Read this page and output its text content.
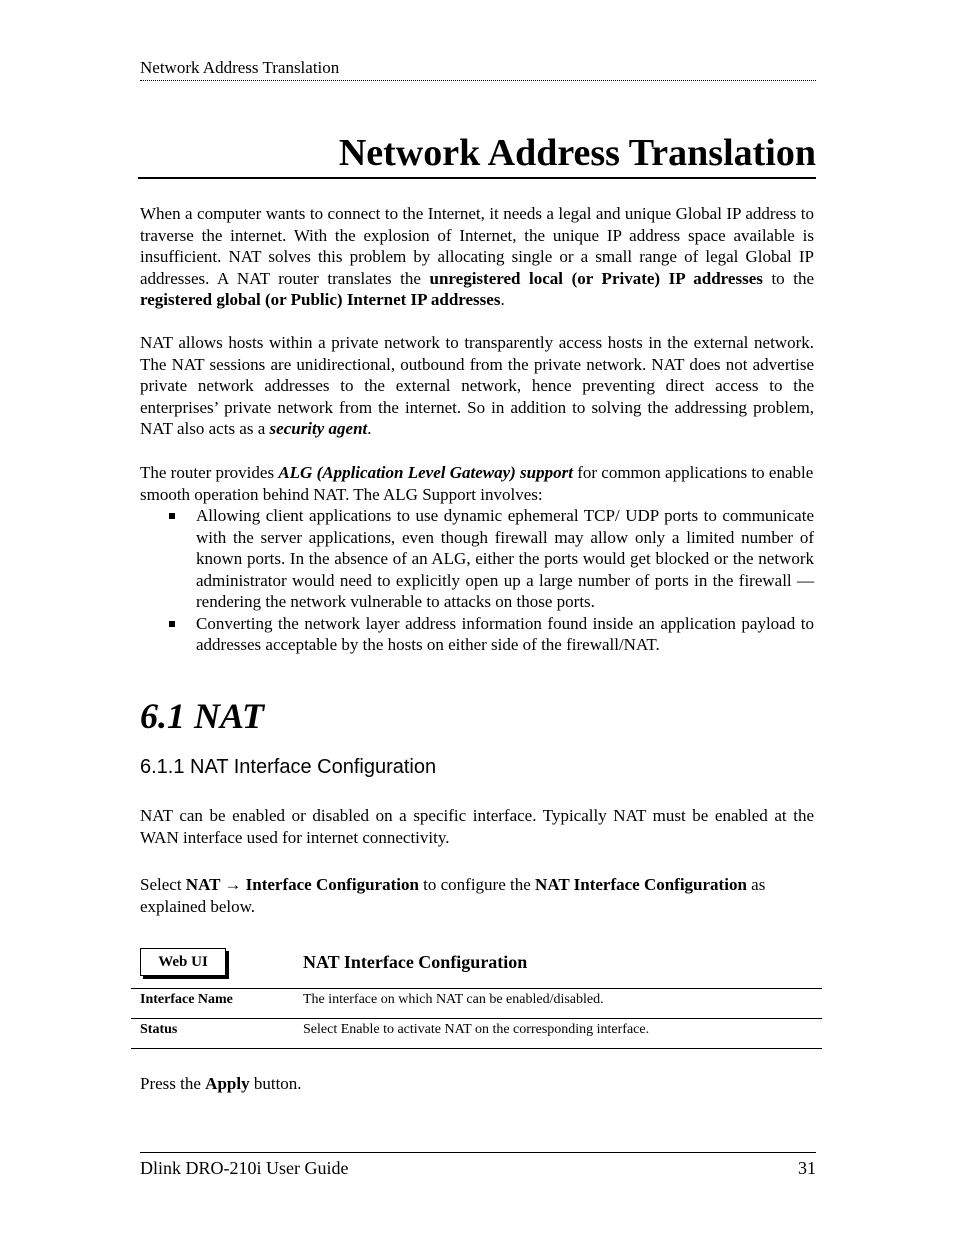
Network Address Translation
Network Address Translation

When a computer wants to connect to the Internet, it needs a legal and unique Global IP address to traverse the internet. With the explosion of Internet, the unique IP address space available is insufficient. NAT solves this problem by allocating single or a small range of legal Global IP addresses. A NAT router translates the unregistered local (or Private) IP addresses to the registered global (or Public) Internet IP addresses.

NAT allows hosts within a private network to transparently access hosts in the external network. The NAT sessions are unidirectional, outbound from the private network. NAT does not advertise private network addresses to the external network, hence preventing direct access to the enterprises’ private network from the internet. So in addition to solving the addressing problem, NAT also acts as a security agent.

The router provides ALG (Application Level Gateway) support for common applications to enable smooth operation behind NAT. The ALG Support involves:

Allowing client applications to use dynamic ephemeral TCP/ UDP ports to communicate with the server applications, even though firewall may allow only a limited number of known ports. In the absence of an ALG, either the ports would get blocked or the network administrator would need to explicitly open up a large number of ports in the firewall — rendering the network vulnerable to attacks on those ports.
Converting the network layer address information found inside an application payload to addresses acceptable by the hosts on either side of the firewall/NAT.
6.1 NAT
6.1.1 NAT Interface Configuration

NAT can be enabled or disabled on a specific interface. Typically NAT must be enabled at the WAN interface used for internet connectivity.

Select NAT → Interface Configuration to configure the NAT Interface Configuration as explained below.

Web UI	NAT Interface Configuration
Interface Name	The interface on which NAT can be enabled/disabled.
Status	Select Enable to activate NAT on the corresponding interface.

Press the Apply button.

Dlink DRO-210i User Guide	31
